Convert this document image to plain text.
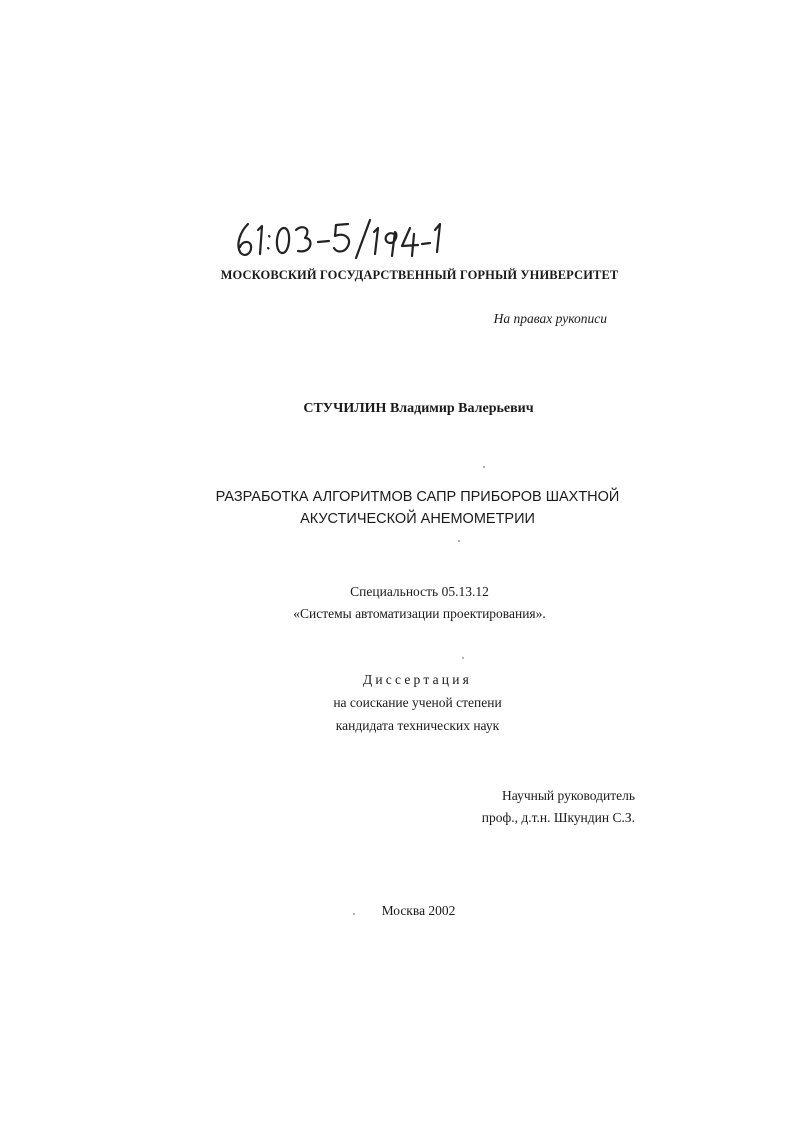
МОСКОВСКИЙ ГОСУДАРСТВЕННЫЙ ГОРНЫЙ УНИВЕРСИТЕТ
На правах рукописи
СТУЧИЛИН Владимир Валерьевич
РАЗРАБОТКА АЛГОРИТМОВ САПР ПРИБОРОВ ШАХТНОЙ
АКУСТИЧЕСКОЙ АНЕМОМЕТРИИ
Специальность 05.13.12
«Системы автоматизации проектирования».
Диссертация
на соискание ученой степени
кандидата технических наук
Научный руководитель
проф., д.т.н. Шкундин С.З.
Москва 2002
